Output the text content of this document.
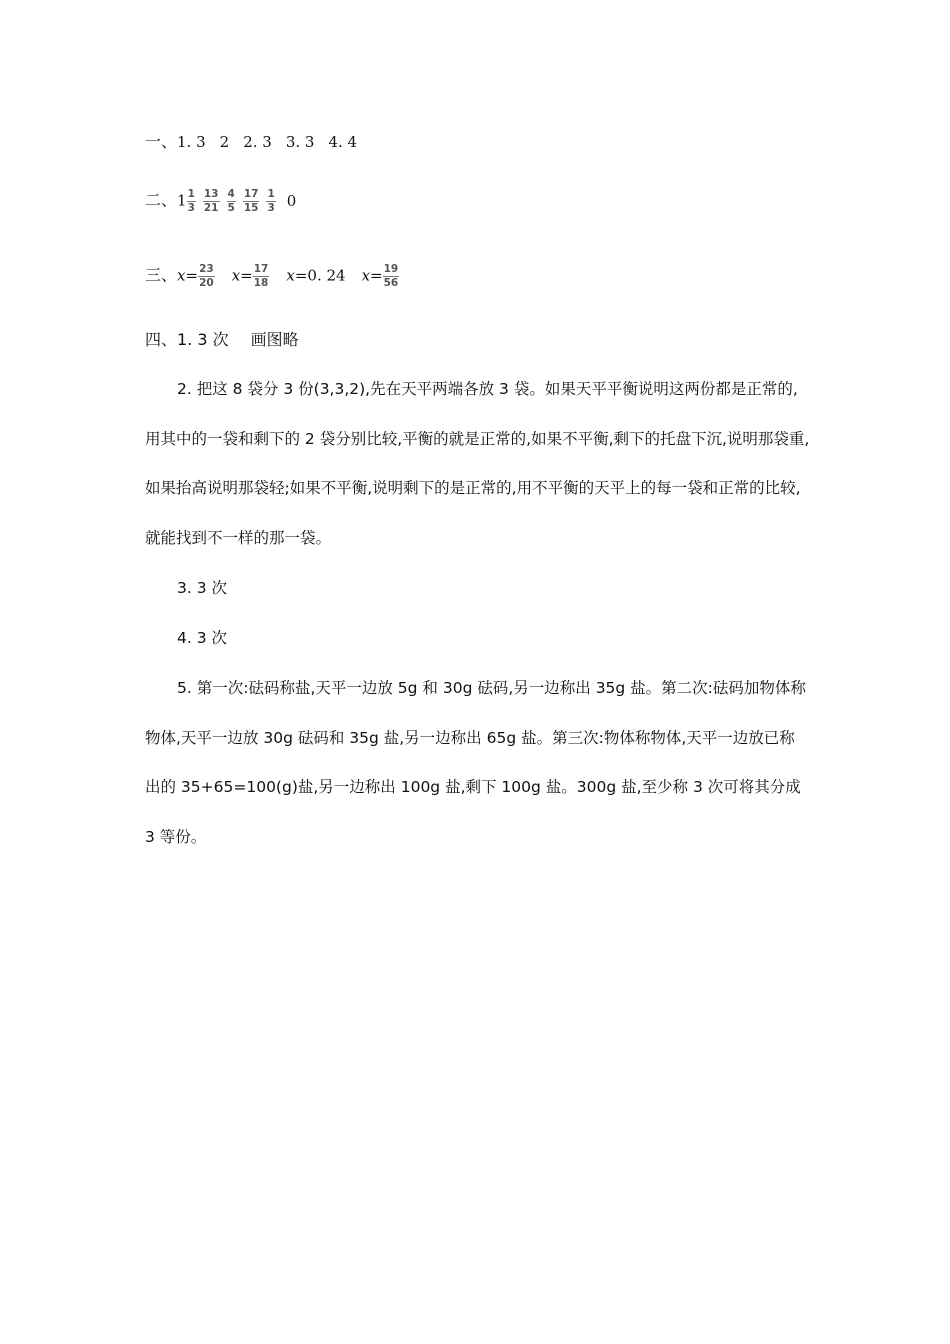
一、1. 3 2 2. 3 3. 3 4. 4
二、$1 \frac{1}{3} \frac{13}{21} \frac{4}{5} \frac{17}{15} \frac{1}{3} 0$
三、$x= \frac{23}{20} x= \frac{17}{18} x=0$. 24 $x= \frac{19}{56}$
四、1. 3 次 画图略
2. 把这 8 袋分 3 份(3,3,2),先在天平两端各放 3 袋。如果天平平衡说明这两份都是正常的,用其中的一袋和剩下的 2 袋分别比较,平衡的就是正常的,如果不平衡,剩下的托盘下沉,说明那袋重,如果抬高说明那袋轻;如果不平衡,说明剩下的是正常的,用不平衡的天平上的每一袋和正常的比较,就能找到不一样的那一袋。
3. 3 次
4. 3 次
5. 第一次:砝码称盐,天平一边放 5g 和 30g 砝码,另一边称出 35g 盐。第二次:砝码加物体称物体,天平一边放 30g 砝码和 35g 盐,另一边称出 65g 盐。第三次:物体称物体,天平一边放已称出的 35+65=100(g)盐,另一边称出 100g 盐,剩下 100g 盐。300g 盐,至少称 3 次可将其分成 3 等份。
